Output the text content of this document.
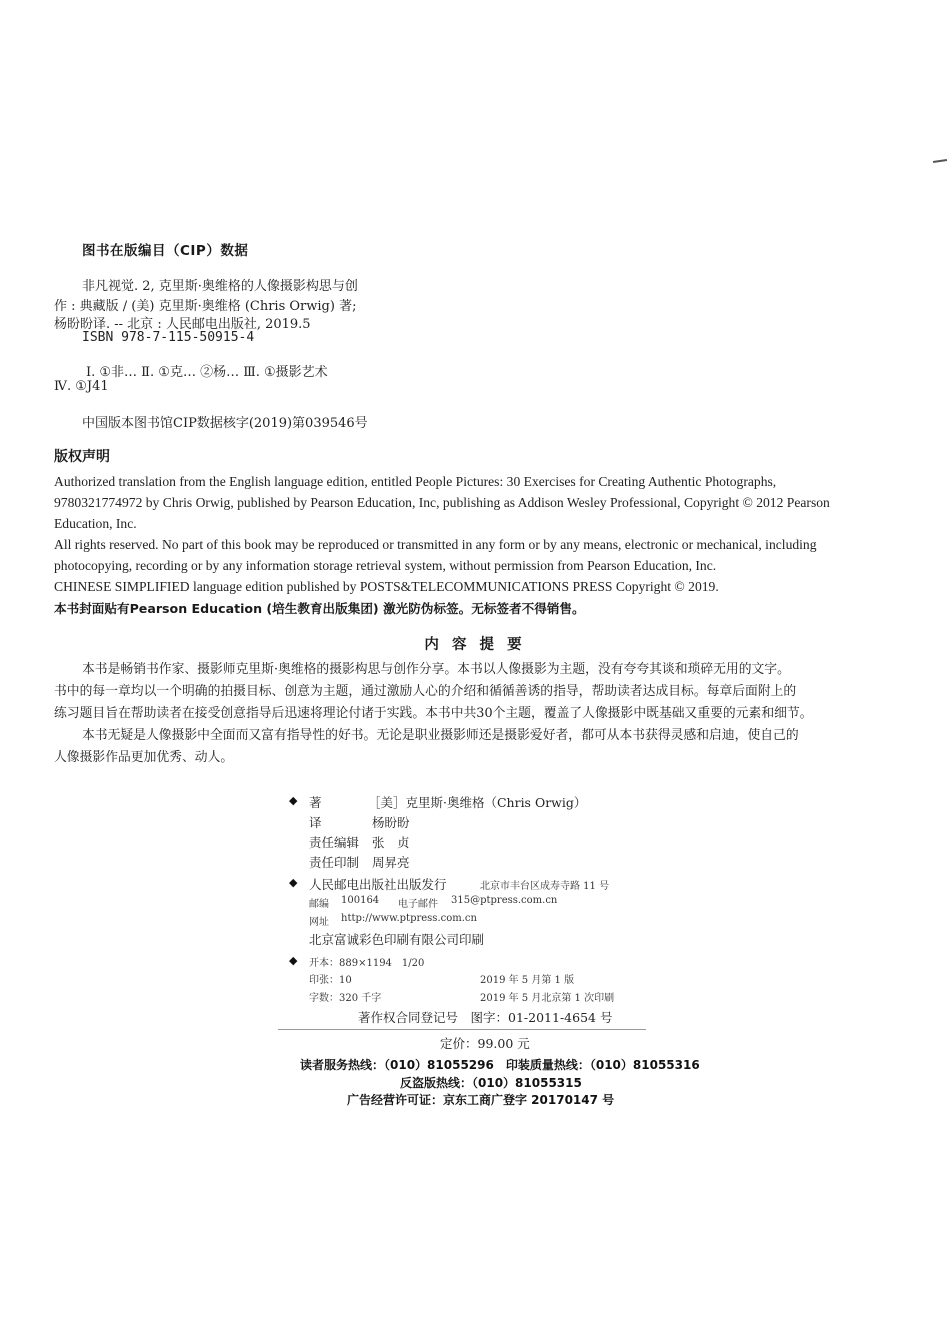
图书在版编目（CIP）数据
非凡视觉. 2, 克里斯·奥维格的人像摄影构思与创
作 : 典藏版 / (美) 克里斯·奥维格 (Chris Orwig) 著;
杨盼盼译. -- 北京 : 人民邮电出版社, 2019.5
ISBN 978-7-115-50915-4
Ⅰ. ①非… Ⅱ. ①克… ②杨… Ⅲ. ①摄影艺术
Ⅳ. ①J41
中国版本图书馆CIP数据核字(2019)第039546号
版权声明
Authorized translation from the English language edition, entitled People Pictures: 30 Exercises for Creating Authentic Photographs,
9780321774972 by Chris Orwig, published by Pearson Education, Inc, publishing as Addison Wesley Professional, Copyright © 2012 Pearson
Education, Inc.
All rights reserved. No part of this book may be reproduced or transmitted in any form or by any means, electronic or mechanical, including
photocopying, recording or by any information storage retrieval system, without permission from Pearson Education, Inc.
CHINESE SIMPLIFIED language edition published by POSTS&TELECOMMUNICATIONS PRESS Copyright © 2019.
本书封面贴有Pearson Education (培生教育出版集团) 激光防伪标签。无标签者不得销售。
内 容 提 要
本书是畅销书作家、摄影师克里斯·奥维格的摄影构思与创作分享。本书以人像摄影为主题，没有夸夸其谈和琐碎无用的文字。
书中的每一章均以一个明确的拍摄目标、创意为主题，通过激励人心的介绍和循循善诱的指导，帮助读者达成目标。每章后面附上的
练习题目旨在帮助读者在接受创意指导后迅速将理论付诸于实践。本书中共30个主题，覆盖了人像摄影中既基础又重要的元素和细节。
本书无疑是人像摄影中全面而又富有指导性的好书。无论是职业摄影师还是摄影爱好者，都可从本书获得灵感和启迪，使自己的
人像摄影作品更加优秀、动人。
◆ 著	［美］克里斯·奥维格（Chris Orwig）
译	杨盼盼
责任编辑 张　贞
责任印制 周昇亮
◆ 人民邮电出版社出版发行	北京市丰台区成寿寺路 11 号
邮编 100164 电子邮件 315@ptpress.com.cn
网址 http://www.ptpress.com.cn
北京富诚彩色印刷有限公司印刷
◆ 开本：889×1194　1/20
印张：10	2019 年 5 月第 1 版
字数：320 千字	2019 年 5 月北京第 1 次印刷
著作权合同登记号　图字：01-2011-4654 号
定价：99.00 元
读者服务热线：（010）81055296　印装质量热线：（010）81055316
反盗版热线：（010）81055315
广告经营许可证：京东工商广登字 20170147 号
